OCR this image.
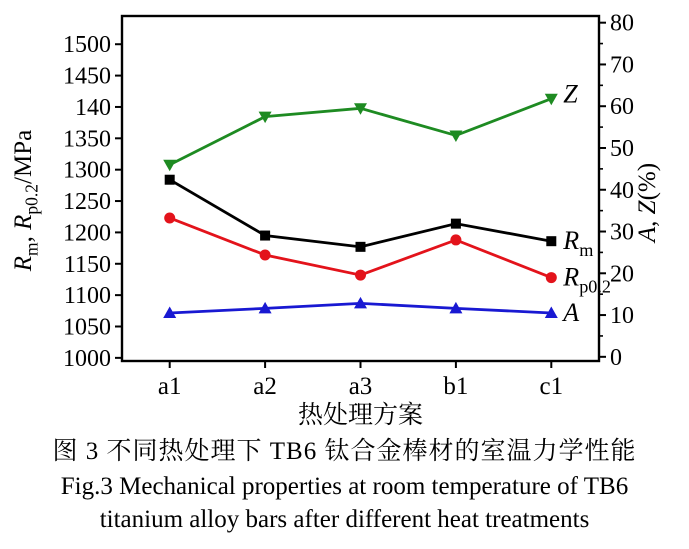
1500
1450
140
1350
1300
1250
1200
1150
1100
1050
1000
$R_m$, $R_{p0.2}$/MPa
80
70
60
50
40
30
20
10
0
A, Z(%)
a1	a2	a3	b1	c1
热处理方案
Z
$R_m$
$R_{p0.2}$
A
图 3 不同热处理下 TB6 钛合金棒材的室温力学性能
Fig.3 Mechanical properties at room temperature of TB6
titanium alloy bars after different heat treatments
